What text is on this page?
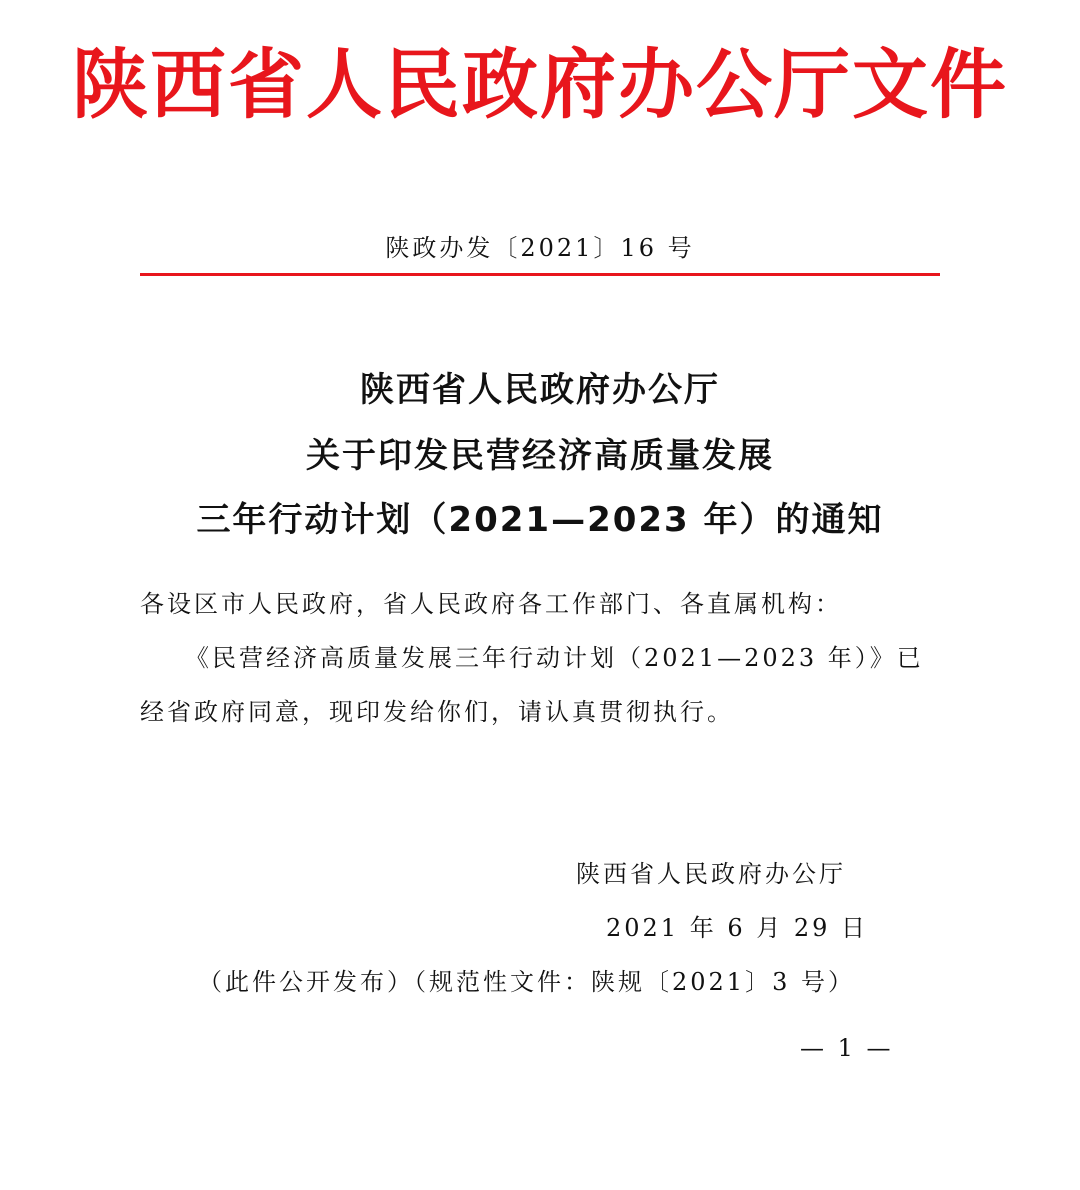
陕西省人民政府办公厅文件
陕政办发〔2021〕16 号
陕西省人民政府办公厅
关于印发民营经济高质量发展
三年行动计划（2021—2023 年）的通知
各设区市人民政府，省人民政府各工作部门、各直属机构：
《民营经济高质量发展三年行动计划（2021—2023 年）》已
经省政府同意，现印发给你们，请认真贯彻执行。
陕西省人民政府办公厅
2021 年 6 月 29 日
（此件公开发布）（规范性文件：陕规〔2021〕3 号）
— 1 —
